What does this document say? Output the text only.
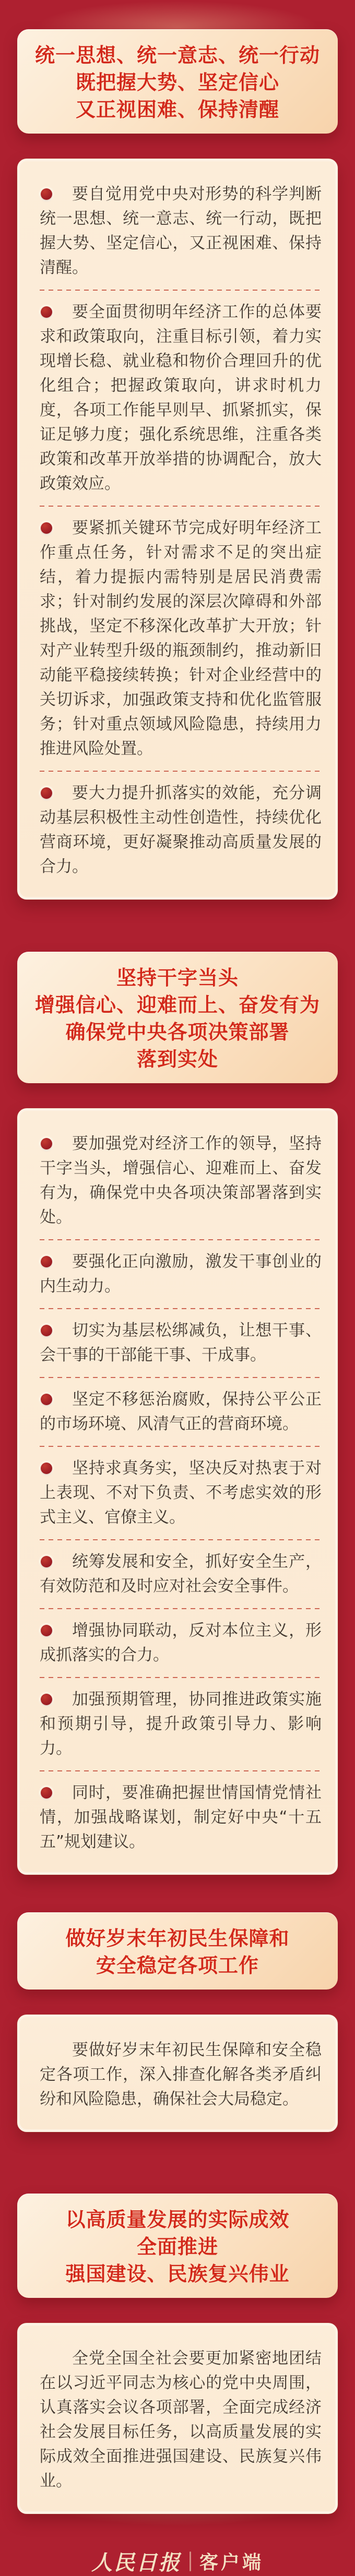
统一思想、统一意志、统一行动
既把握大势、坚定信心
又正视困难、保持清醒

要自觉用党中央对形势的科学判断统一思想、统一意志、统一行动，既把握大势、坚定信心，又正视困难、保持清醒。

要全面贯彻明年经济工作的总体要求和政策取向，注重目标引领，着力实现增长稳、就业稳和物价合理回升的优化组合；把握政策取向，讲求时机力度，各项工作能早则早、抓紧抓实，保证足够力度；强化系统思维，注重各类政策和改革开放举措的协调配合，放大政策效应。

要紧抓关键环节完成好明年经济工作重点任务，针对需求不足的突出症结，着力提振内需特别是居民消费需求；针对制约发展的深层次障碍和外部挑战，坚定不移深化改革扩大开放；针对产业转型升级的瓶颈制约，推动新旧动能平稳接续转换；针对企业经营中的关切诉求，加强政策支持和优化监管服务；针对重点领域风险隐患，持续用力推进风险处置。

要大力提升抓落实的效能，充分调动基层积极性主动性创造性，持续优化营商环境，更好凝聚推动高质量发展的合力。

坚持干字当头
增强信心、迎难而上、奋发有为
确保党中央各项决策部署
落到实处

要加强党对经济工作的领导，坚持干字当头，增强信心、迎难而上、奋发有为，确保党中央各项决策部署落到实处。

要强化正向激励，激发干事创业的内生动力。

切实为基层松绑减负，让想干事、会干事的干部能干事、干成事。

坚定不移惩治腐败，保持公平公正的市场环境、风清气正的营商环境。

坚持求真务实，坚决反对热衷于对上表现、不对下负责、不考虑实效的形式主义、官僚主义。

统筹发展和安全，抓好安全生产，有效防范和及时应对社会安全事件。

增强协同联动，反对本位主义，形成抓落实的合力。

加强预期管理，协同推进政策实施和预期引导，提升政策引导力、影响力。

同时，要准确把握世情国情党情社情，加强战略谋划，制定好中央“十五五”规划建议。

做好岁末年初民生保障和
安全稳定各项工作

要做好岁末年初民生保障和安全稳定各项工作，深入排查化解各类矛盾纠纷和风险隐患，确保社会大局稳定。

以高质量发展的实际成效
全面推进
强国建设、民族复兴伟业

全党全国全社会要更加紧密地团结在以习近平同志为核心的党中央周围，认真落实会议各项部署，全面完成经济社会发展目标任务，以高质量发展的实际成效全面推进强国建设、民族复兴伟业。

人民日报 客户端
